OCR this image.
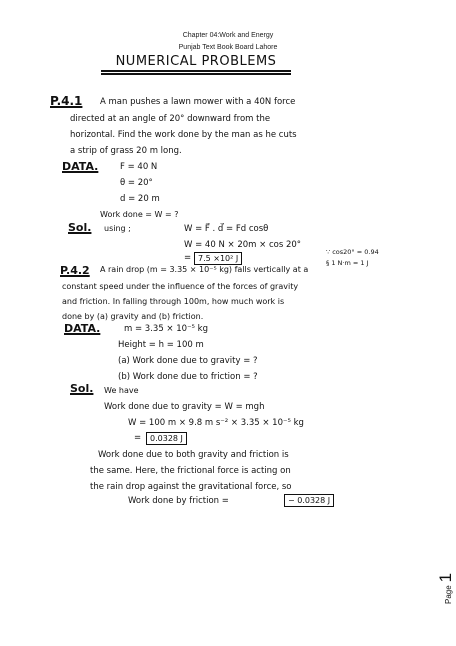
Chapter 04:Work and Energy
Punjab Text Book Board Lahore
NUMERICAL PROBLEMS
P.4.1 A man pushes a lawn mower with a 40N force
directed at an angle of 20° downward from the
horizontal. Find the work done by the man as he cuts
a strip of grass 20 m long.
DATA.	F = 40 N
θ = 20°
d = 20 m
Work done = W = ?
Sol. using ;	W = F⃗ . d⃗ = Fd cosθ
W = 40 N × 20m × cos 20°
= 7.5 ×10² J
∵ cos20° = 0.94
§ 1 N·m = 1 J
P.4.2 A rain drop (m = 3.35 × 10⁻⁵ kg) falls vertically at a
constant speed under the influence of the forces of gravity
and friction. In falling through 100m, how much work is
done by (a) gravity and (b) friction.
DATA.	m = 3.35 × 10⁻⁵ kg
Height = h = 100 m
(a) Work done due to gravity = ?
(b) Work done due to friction = ?
Sol. We have
Work done due to gravity = W = mgh
W = 100 m × 9.8 m s⁻² × 3.35 × 10⁻⁵ kg
=	0.0328 J
Work done due to both gravity and friction is
the same. Here, the frictional force is acting on
the rain drop against the gravitational force, so
Work done by friction =	− 0.0328 J
Page1
